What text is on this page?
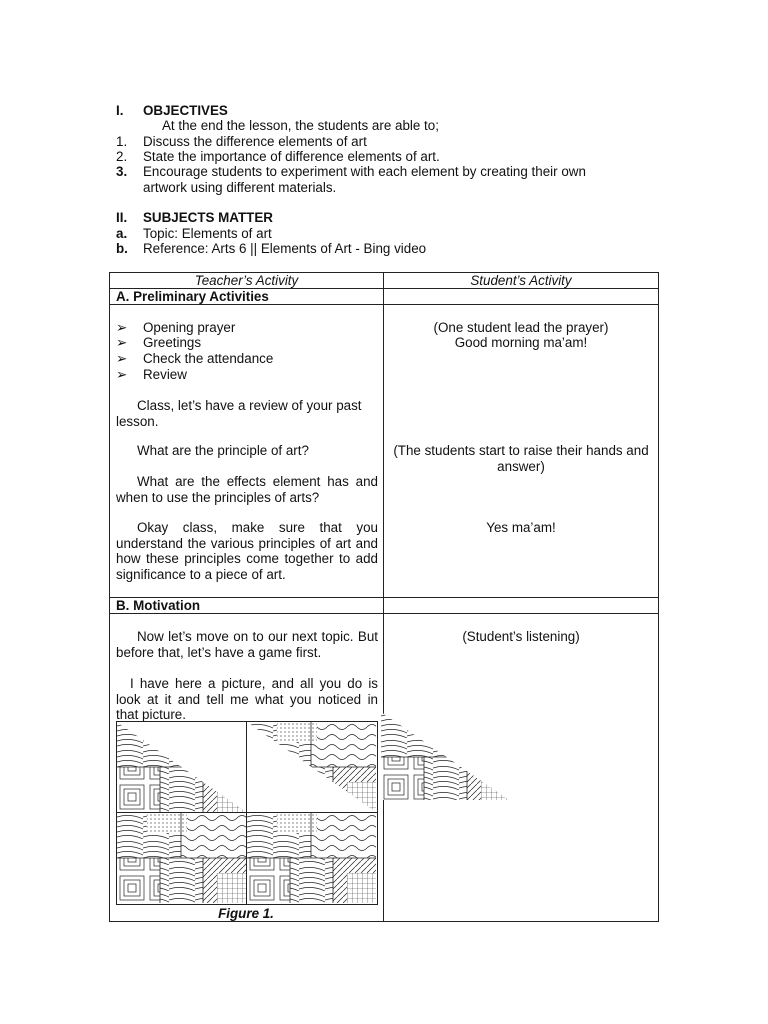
I. OBJECTIVES
At the end the lesson, the students are able to;
1. Discuss the difference elements of art
2. State the importance of difference elements of art.
3. Encourage students to experiment with each element by creating their own
artwork using different materials.
II. SUBJECTS MATTER
a. Topic: Elements of art
b. Reference: Arts 6 || Elements of Art - Bing video
Teacher’s Activity	Student’s Activity
A. Preliminary Activities
➢ Opening prayer
➢ Greetings
➢ Check the attendance
➢ Review
Class, let’s have a review of your past lesson.
What are the principle of art?
What are the effects element has and when to use the principles of arts?
Okay class, make sure that you understand the various principles of art and how these principles come together to add significance to a piece of art.
(One student lead the prayer)
Good morning ma’am!
(The students start to raise their hands and answer)
Yes ma’am!
B. Motivation
Now let’s move on to our next topic. But before that, let’s have a game first.
I have here a picture, and all you do is look at it and tell me what you noticed in that picture.
(Student’s listening)
Figure 1.
